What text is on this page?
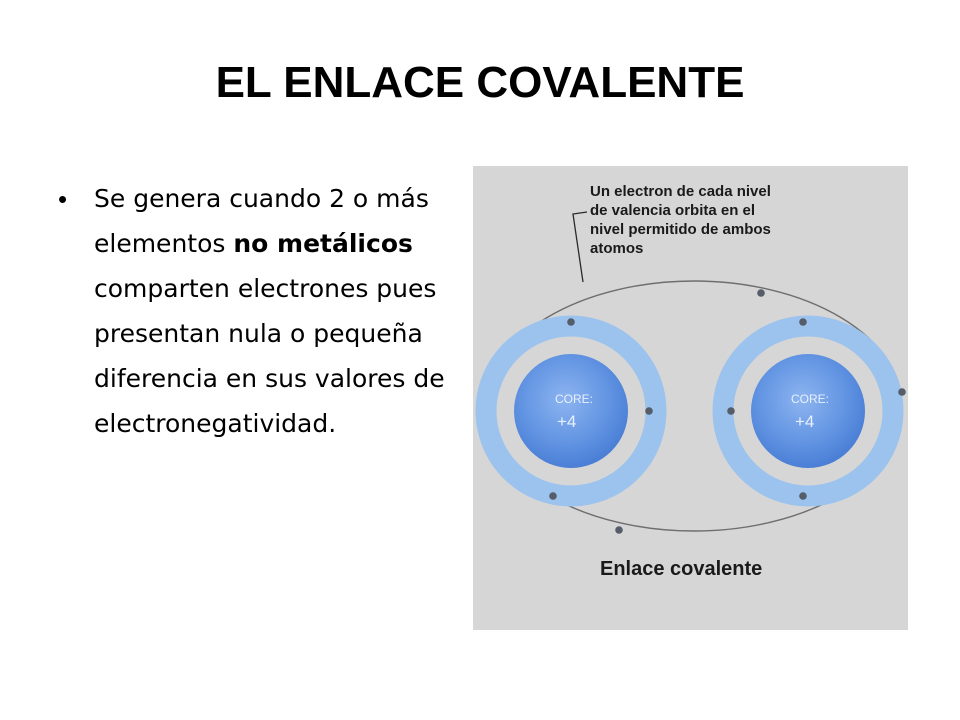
EL ENLACE COVALENTE
• Se genera cuando 2 o más elementos no metálicos comparten electrones pues presentan nula o pequeña diferencia en sus valores de electronegatividad.
Un electron de cada nivel
de valencia orbita en el
nivel permitido de ambos
atomos
CORE:
+4
CORE:
+4
Enlace covalente
